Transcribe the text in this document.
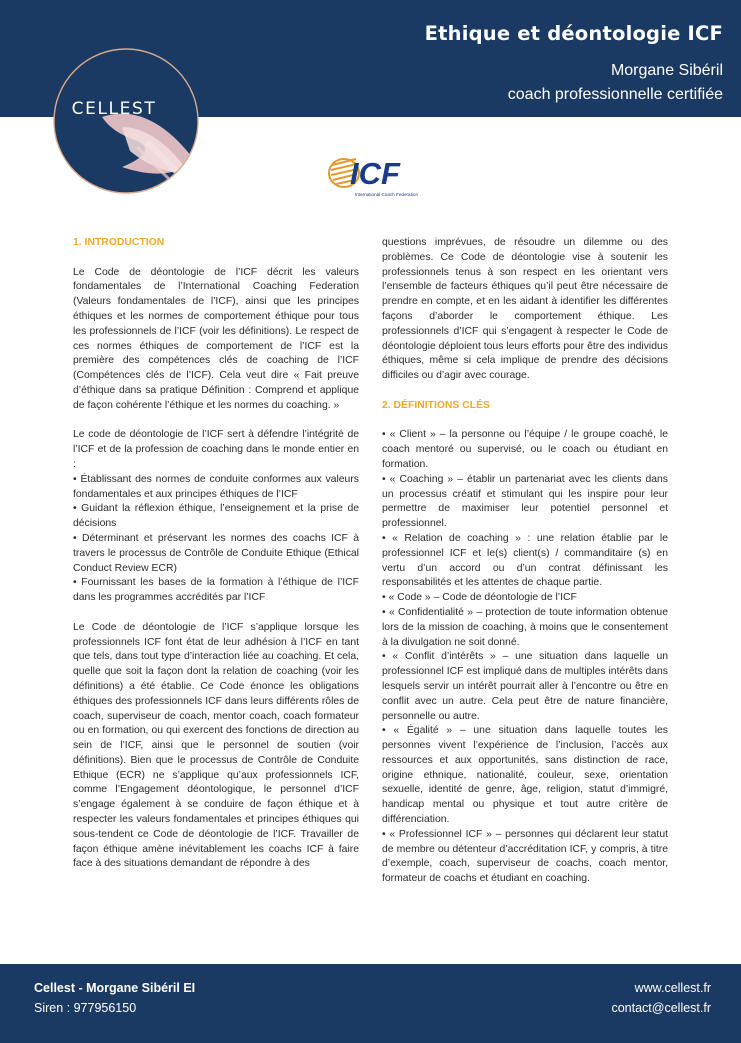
Ethique et déontologie ICF
Morgane Sibéril
coach professionnelle certifiée
CELLEST
ICF
International Coach Federation
1. INTRODUCTION

Le Code de déontologie de l’ICF décrit les valeurs fondamentales de l’International Coaching Federation (Valeurs fondamentales de l’ICF), ainsi que les principes éthiques et les normes de comportement éthique pour tous les professionnels de l’ICF (voir les définitions). Le respect de ces normes éthiques de comportement de l’ICF est la première des compétences clés de coaching de l’ICF (Compétences clés de l’ICF). Cela veut dire « Fait preuve d’éthique dans sa pratique Définition : Comprend et applique de façon cohérente l’éthique et les normes du coaching. »

Le code de déontologie de l’ICF sert à défendre l’intégrité de l’ICF et de la profession de coaching dans le monde entier en :
• Établissant des normes de conduite conformes aux valeurs fondamentales et aux principes éthiques de l’ICF
• Guidant la réflexion éthique, l’enseignement et la prise de décisions
• Déterminant et préservant les normes des coachs ICF à travers le processus de Contrôle de Conduite Ethique (Ethical Conduct Review ECR)
• Fournissant les bases de la formation à l’éthique de l’ICF dans les programmes accrédités par l’ICF

Le Code de déontologie de l’ICF s’applique lorsque les professionnels ICF font état de leur adhésion à l’ICF en tant que tels, dans tout type d’interaction liée au coaching. Et cela, quelle que soit la façon dont la relation de coaching (voir les définitions) a été établie. Ce Code énonce les obligations éthiques des professionnels ICF dans leurs différents rôles de coach, superviseur de coach, mentor coach, coach formateur ou en formation, ou qui exercent des fonctions de direction au sein de l’ICF, ainsi que le personnel de soutien (voir définitions). Bien que le processus de Contrôle de Conduite Ethique (ECR) ne s’applique qu’aux professionnels ICF, comme l’Engagement déontologique, le personnel d’ICF s’engage également à se conduire de façon éthique et à respecter les valeurs fondamentales et principes éthiques qui sous-tendent ce Code de déontologie de l’ICF. Travailler de façon éthique amène inévitablement les coachs ICF à faire face à des situations demandant de répondre à des

questions imprévues, de résoudre un dilemme ou des problèmes. Ce Code de déontologie vise à soutenir les professionnels tenus à son respect en les orientant vers l’ensemble de facteurs éthiques qu’il peut être nécessaire de prendre en compte, et en les aidant à identifier les différentes façons d’aborder le comportement éthique. Les professionnels d’ICF qui s’engagent à respecter le Code de déontologie déploient tous leurs efforts pour être des individus éthiques, même si cela implique de prendre des décisions difficiles ou d’agir avec courage.

2. DÉFINITIONS CLÉS

• « Client » – la personne ou l’équipe / le groupe coaché, le coach mentoré ou supervisé, ou le coach ou étudiant en formation.
• « Coaching » – établir un partenariat avec les clients dans un processus créatif et stimulant qui les inspire pour leur permettre de maximiser leur potentiel personnel et professionnel.
• « Relation de coaching » : une relation établie par le professionnel ICF et le(s) client(s) / commanditaire (s) en vertu d’un accord ou d’un contrat définissant les responsabilités et les attentes de chaque partie.
• « Code » – Code de déontologie de l’ICF
• « Confidentialité » – protection de toute information obtenue lors de la mission de coaching, à moins que le consentement à la divulgation ne soit donné.
• « Conflit d’intérêts » – une situation dans laquelle un professionnel ICF est impliqué dans de multiples intérêts dans lesquels servir un intérêt pourrait aller à l’encontre ou être en conflit avec un autre. Cela peut être de nature financière, personnelle ou autre.
• « Égalité » – une situation dans laquelle toutes les personnes vivent l’expérience de l’inclusion, l’accès aux ressources et aux opportunités, sans distinction de race, origine ethnique, nationalité, couleur, sexe, orientation sexuelle, identité de genre, âge, religion, statut d’immigré, handicap mental ou physique et tout autre critère de différenciation.
• « Professionnel ICF » – personnes qui déclarent leur statut de membre ou détenteur d’accréditation ICF, y compris, à titre d’exemple, coach, superviseur de coachs, coach mentor, formateur de coachs et étudiant en coaching.

Cellest - Morgane Sibéril EI
Siren : 977956150
www.cellest.fr
contact@cellest.fr
